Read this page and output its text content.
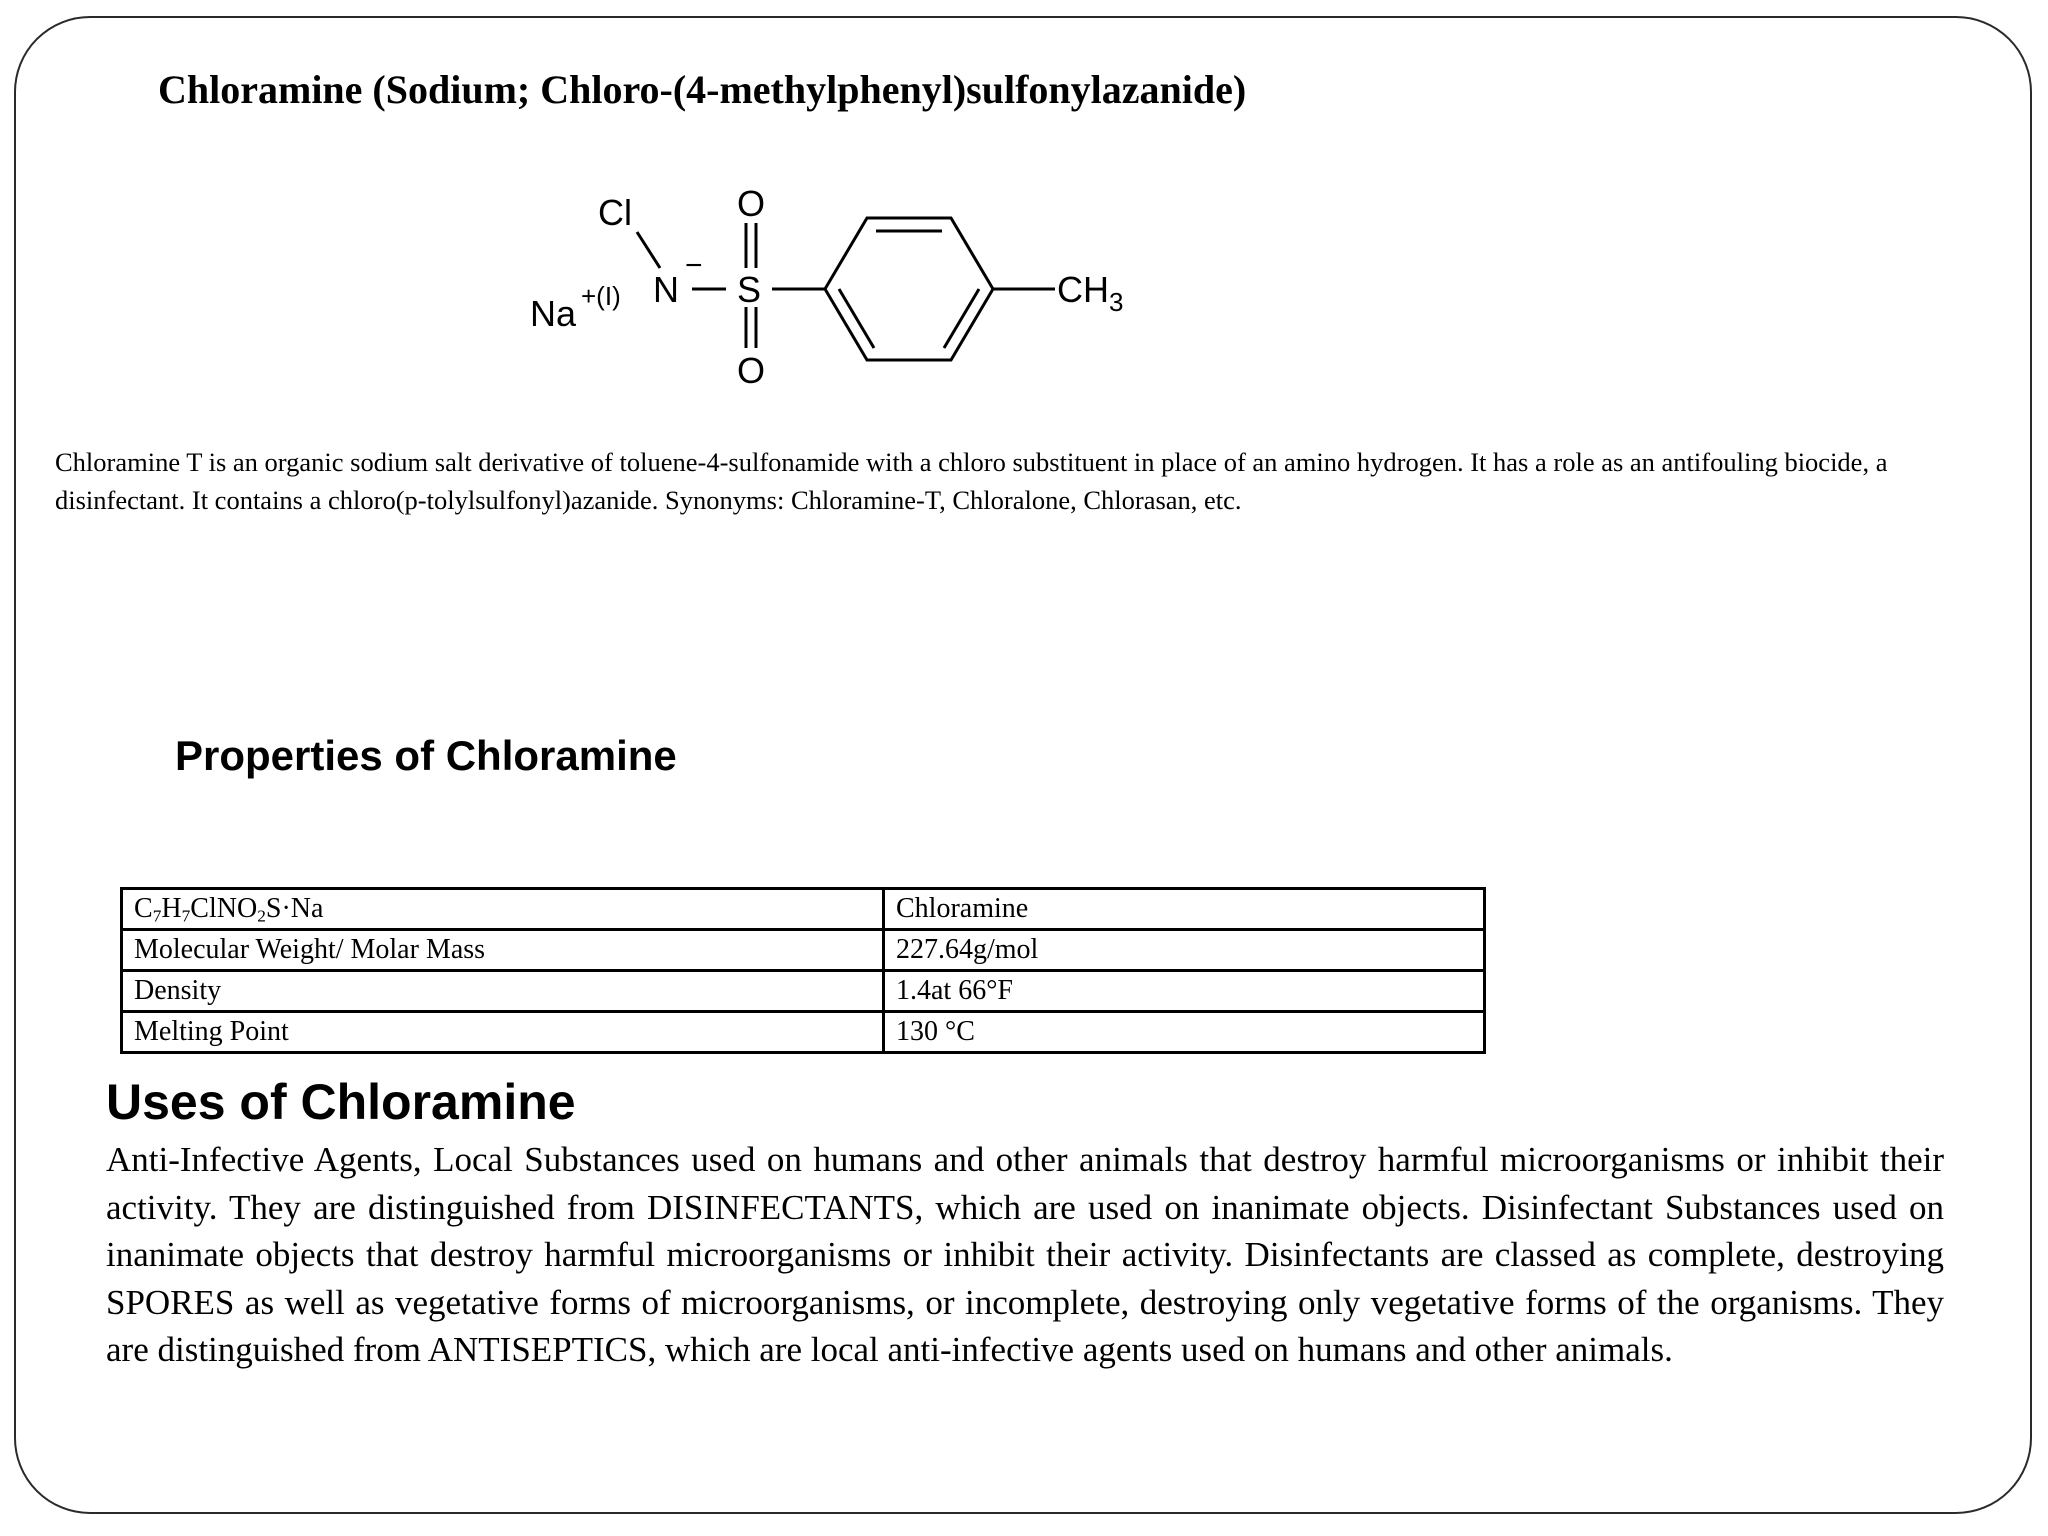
Chloramine (Sodium; Chloro-(4-methylphenyl)sulfonylazanide)
Cl
N
−
S
O
O
Na +(I)	$CH_3$
Chloramine T is an organic sodium salt derivative of toluene-4-sulfonamide with a chloro substituent in place of an amino hydrogen. It has a role as an antifouling biocide, a disinfectant. It contains a chloro(p-tolylsulfonyl)azanide. Synonyms: Chloramine-T, Chloralone, Chlorasan, etc.
Properties of Chloramine
$C_7H_7ClNO_2S\cdot Na$	Chloramine
Molecular Weight/ Molar Mass	227.64g/mol
Density	1.4at 66°F
Melting Point	130 °C
Uses of Chloramine
Anti-Infective Agents, Local Substances used on humans and other animals that destroy harmful microorganisms or inhibit their activity. They are distinguished from DISINFECTANTS, which are used on inanimate objects. Disinfectant Substances used on inanimate objects that destroy harmful microorganisms or inhibit their activity. Disinfectants are classed as complete, destroying SPORES as well as vegetative forms of microorganisms, or incomplete, destroying only vegetative forms of the organisms. They are distinguished from ANTISEPTICS, which are local anti-infective agents used on humans and other animals.
